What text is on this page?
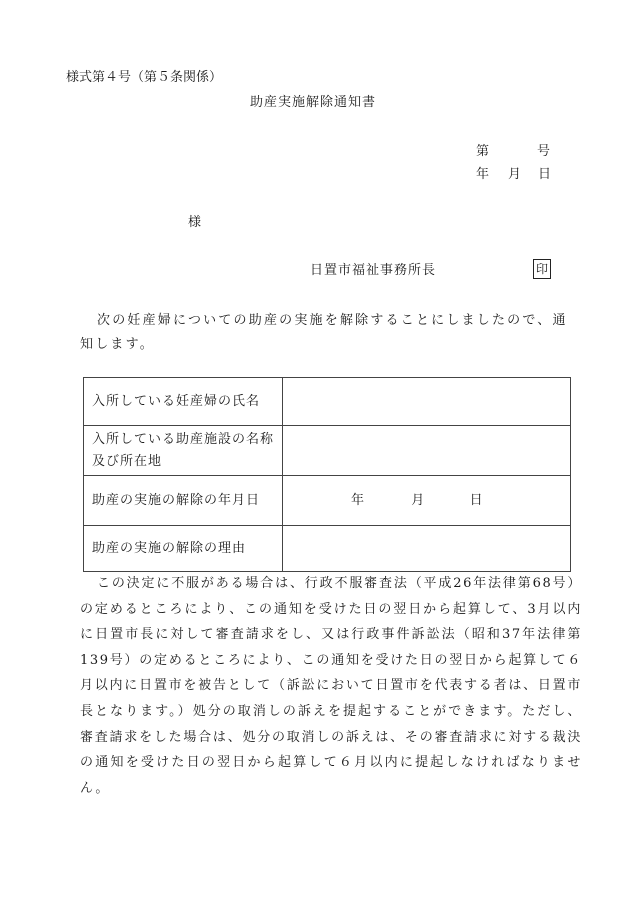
様式第４号（第５条関係）
助産実施解除通知書
第	号
年 月 日
様
日置市福祉事務所長	印

次の妊産婦についての助産の実施を解除することにしましたので、通知します。

入所している妊産婦の氏名	
入所している助産施設の名称及び所在地	
助産の実施の解除の年月日	年 月 日
助産の実施の解除の理由	

この決定に不服がある場合は、行政不服審査法（平成26年法律第68号）の定めるところにより、この通知を受けた日の翌日から起算して、3月以内に日置市長に対して審査請求をし、又は行政事件訴訟法（昭和37年法律第 139号）の定めるところにより、この通知を受けた日の翌日から起算して６月以内に日置市を被告として（訴訟において日置市を代表する者は、日置市長となります。）処分の取消しの訴えを提起することができます。ただし、審査請求をした場合は、処分の取消しの訴えは、その審査請求に対する裁決の通知を受けた日の翌日から起算して６月以内に提起しなければなりません。
